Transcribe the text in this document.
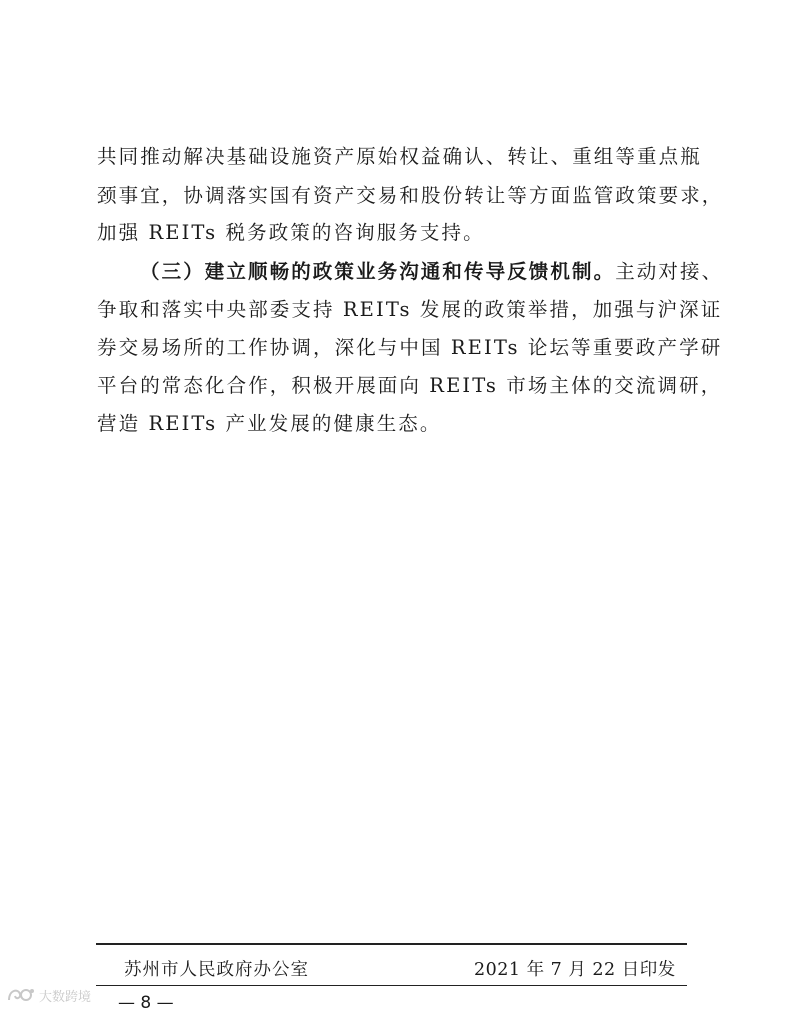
共同推动解决基础设施资产原始权益确认、转让、重组等重点瓶
颈事宜，协调落实国有资产交易和股份转让等方面监管政策要求，
加强 REITs 税务政策的咨询服务支持。
（三）建立顺畅的政策业务沟通和传导反馈机制。主动对接、
争取和落实中央部委支持 REITs 发展的政策举措，加强与沪深证
券交易场所的工作协调，深化与中国 REITs 论坛等重要政产学研
平台的常态化合作，积极开展面向 REITs 市场主体的交流调研，
营造 REITs 产业发展的健康生态。
苏州市人民政府办公室	2021 年 7 月 22 日印发
— 8 —
大数跨境
